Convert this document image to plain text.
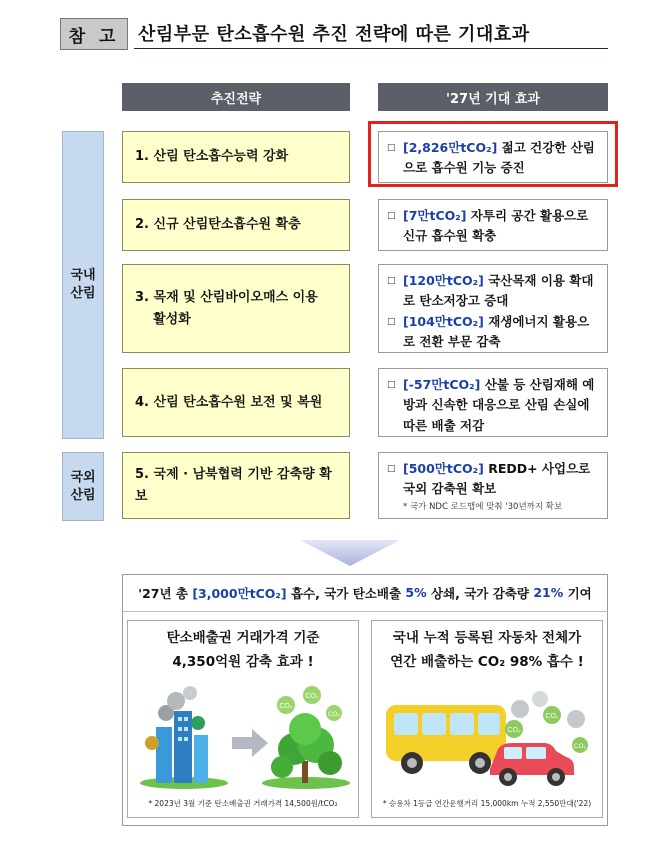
참 고	산림부문 탄소흡수원 추진 전략에 따른 기대효과
추진전략	'27년 기대 효과
국내
산림
국외
산림
1. 산림 탄소흡수능력 강화
2. 신규 산림탄소흡수원 확충
3. 목재 및 산림바이오매스 이용
활성화
4. 산림 탄소흡수원 보전 및 복원
5. 국제 · 남북협력 기반 감축량 확보
□ [2,826만tCO₂] 젊고 건강한 산림으로 흡수원 기능 증진
□ [7만tCO₂] 자투리 공간 활용으로 신규 흡수원 확충
□ [120만tCO₂] 국산목재 이용 확대로 탄소저장고 증대
□ [104만tCO₂] 재생에너지 활용으로 전환 부문 감축
□ [-57만tCO₂] 산불 등 산림재해 예방과 신속한 대응으로 산림 손실에 따른 배출 저감
□ [500만tCO₂] REDD+ 사업으로 국외 감축원 확보
* 국가 NDC 로드맵에 맞춰 '30년까지 확보
'27년 총 [3,000만tCO₂] 흡수, 국가 탄소배출 5% 상쇄, 국가 감축량 21% 기여
탄소배출권 거래가격 기준
4,350억원 감축 효과 !
CO₂
CO₂
CO₂
* 2023년 3월 기준 탄소배출권 거래가격 14,500원/tCO₂
국내 누적 등록된 자동차 전체가
연간 배출하는 CO₂ 98% 흡수 !
CO₂
CO₂
CO₂
* 승용차 1등급 연간운행거리 15,000km 누적 2,550만대('22)
